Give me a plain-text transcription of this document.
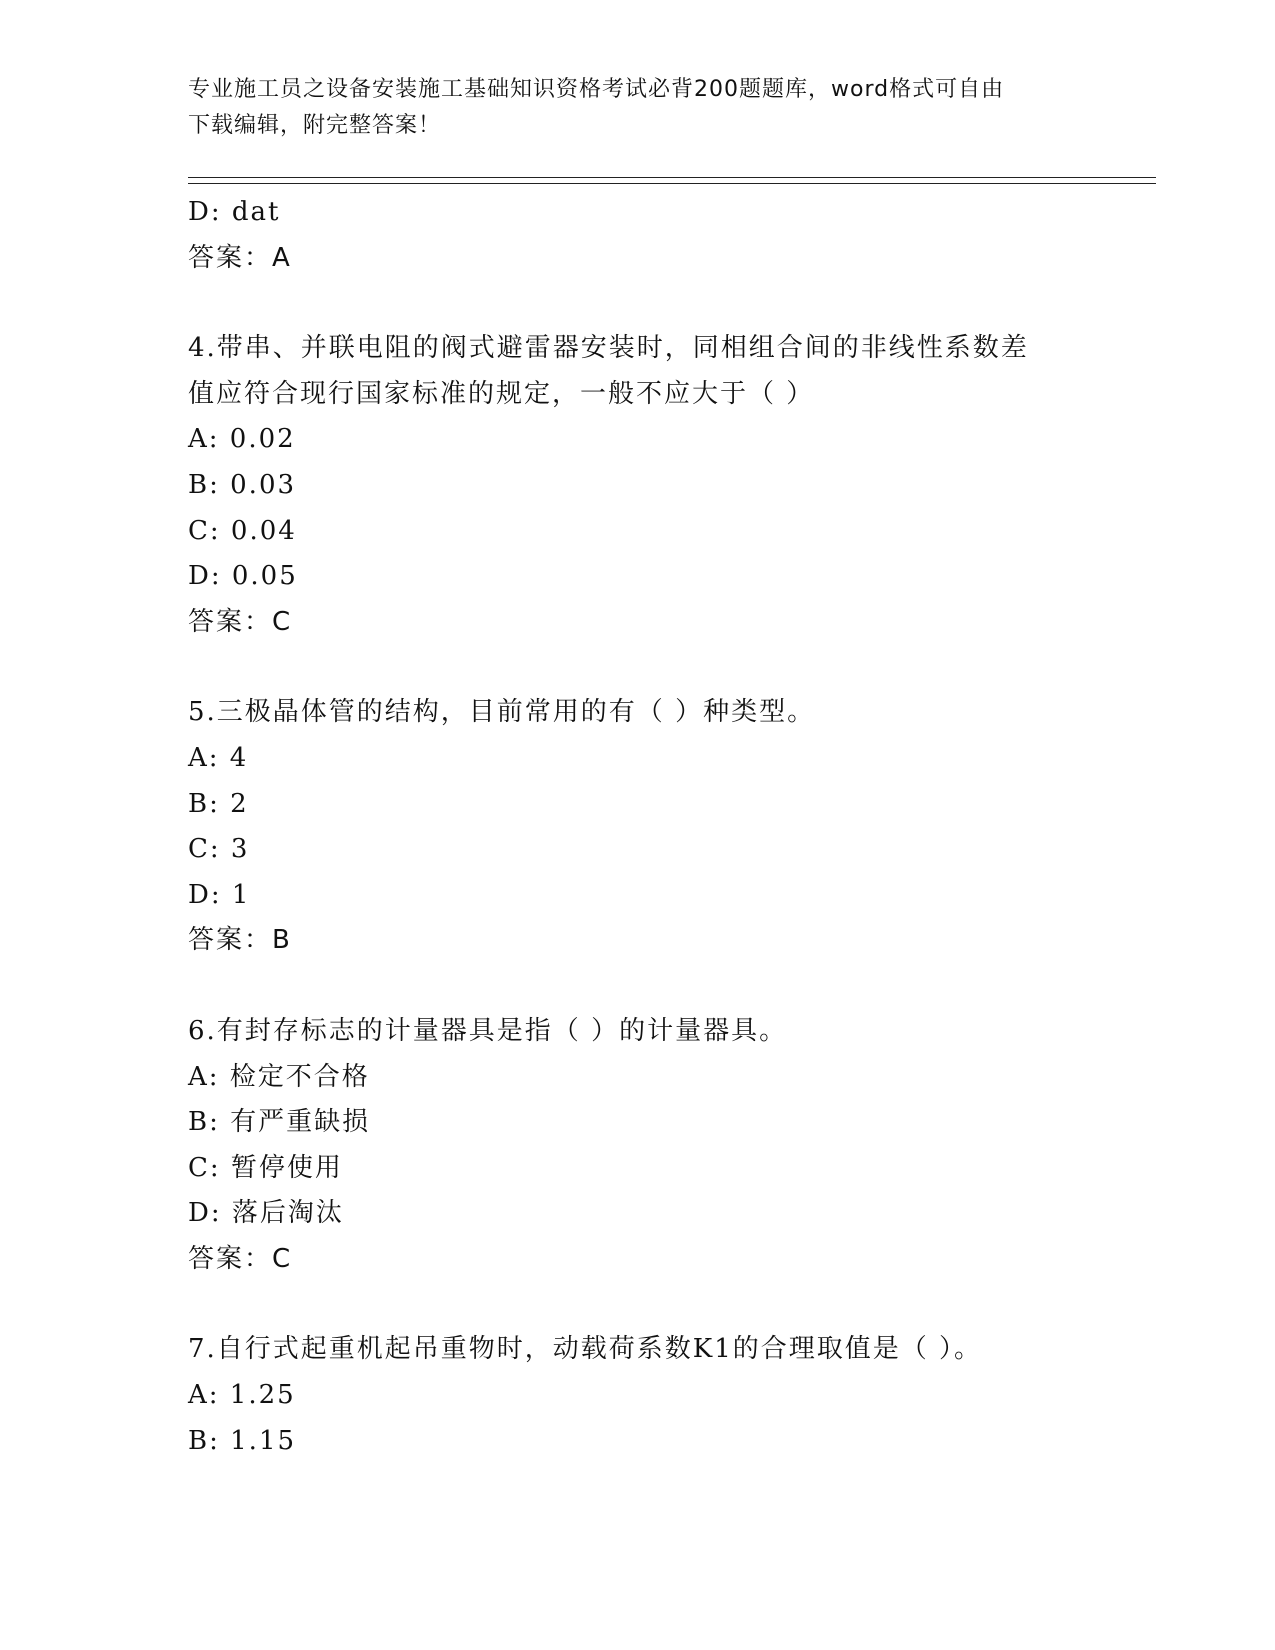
专业施工员之设备安装施工基础知识资格考试必背200题题库，word格式可自由
下载编辑，附完整答案！
D: dat
答案：A
4.带串、并联电阻的阀式避雷器安装时，同相组合间的非线性系数差
值应符合现行国家标准的规定，一般不应大于（ ）
A: 0.02
B: 0.03
C: 0.04
D: 0.05
答案：C
5.三极晶体管的结构，目前常用的有（ ）种类型。
A: 4
B: 2
C: 3
D: 1
答案：B
6.有封存标志的计量器具是指（ ）的计量器具。
A: 检定不合格
B: 有严重缺损
C: 暂停使用
D: 落后淘汰
答案：C
7.自行式起重机起吊重物时，动载荷系数K1的合理取值是（ ）。
A: 1.25
B: 1.15
